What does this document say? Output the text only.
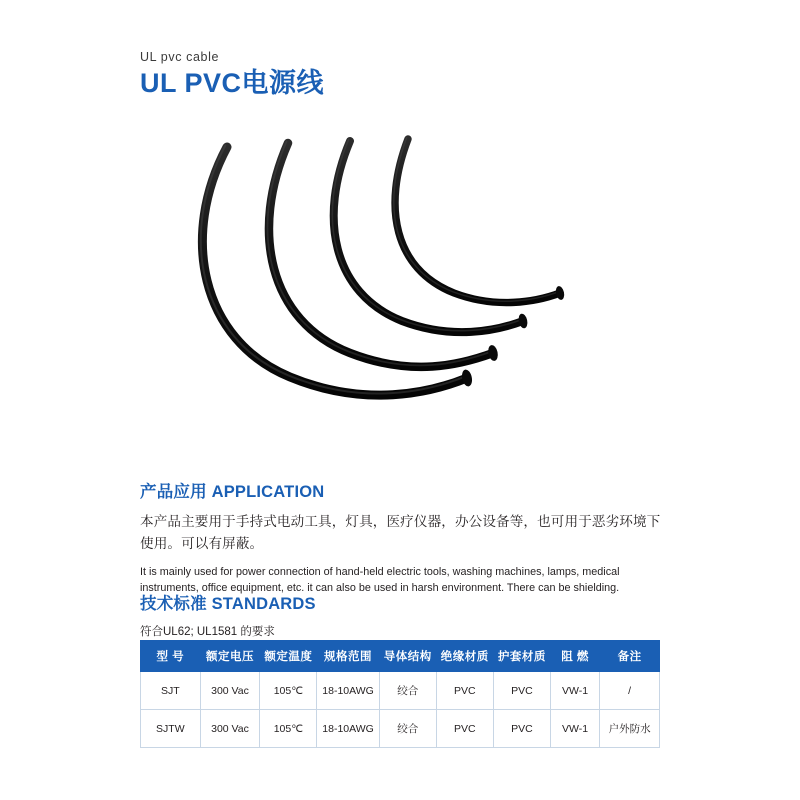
UL pvc cable

UL PVC电源线
产品应用 APPLICATION

本产品主要用于手持式电动工具，灯具，医疗仪器，办公设备等，也可用于恶劣环境下使用。可以有屏蔽。

It is mainly used for power connection of hand-held electric tools, washing machines, lamps, medical instruments, office equipment, etc. it can also be used in harsh environment. There can be shielding.

技术标准 STANDARDS

符合UL62; UL1581 的要求

型 号	额定电压	额定温度	规格范围	导体结构	绝缘材质	护套材质	阻 燃	备注
SJT	300 Vac	105℃	18-10AWG	绞合	PVC	PVC	VW-1	/
SJTW	300 Vac	105℃	18-10AWG	绞合	PVC	PVC	VW-1	户外防水
